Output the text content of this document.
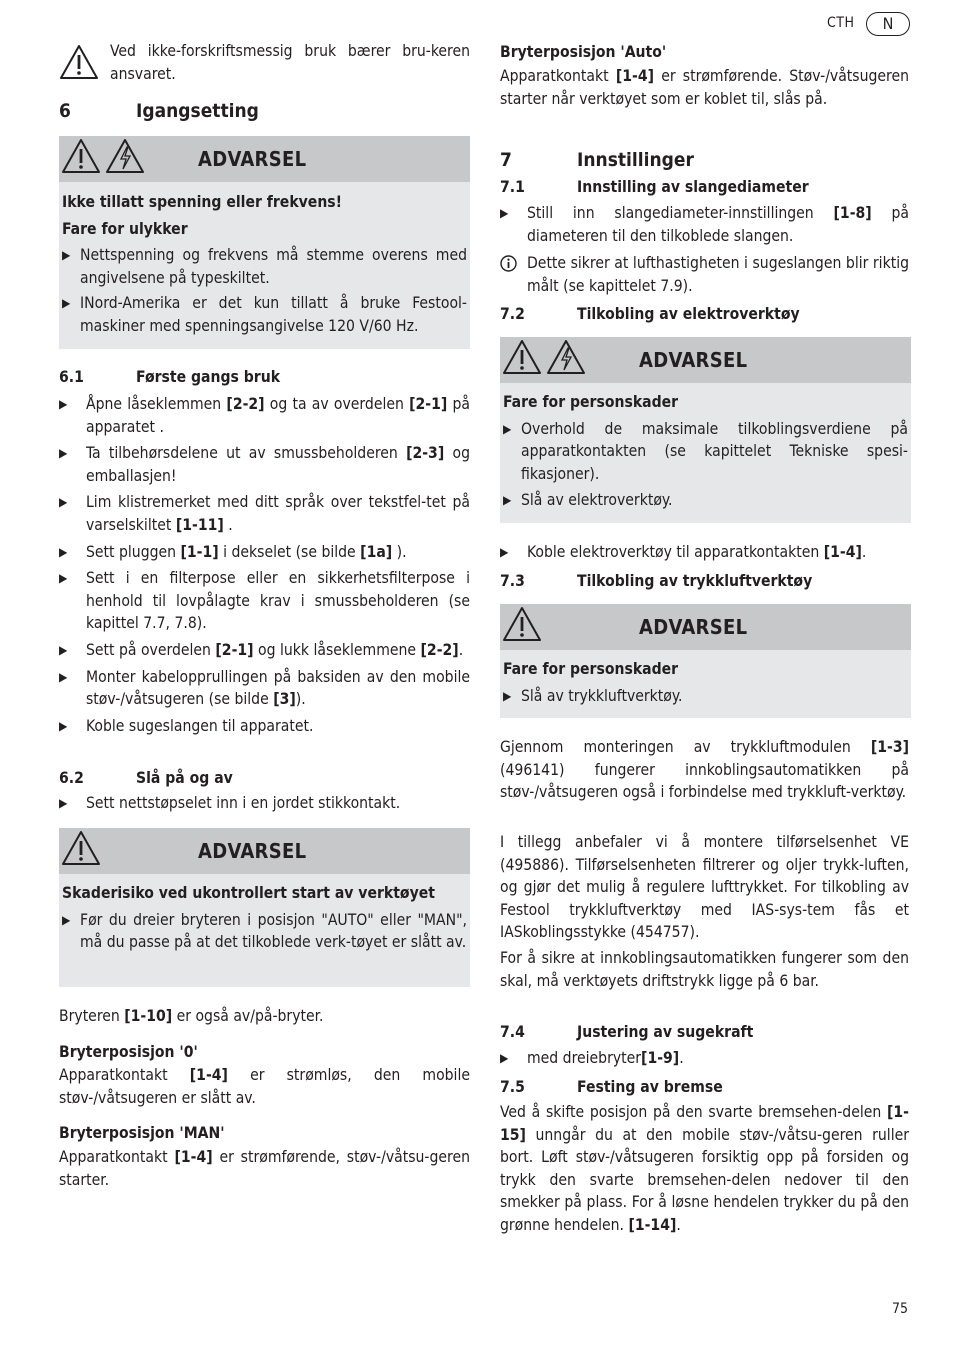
CTH	N

Ved ikke-forskriftsmessig bruk bærer bru-keren ansvaret.

6	Igangsetting
ADVARSEL
Ikke tillatt spenning eller frekvens!
Fare for ulykker
▶ Nettspenning og frekvens må stemme overens med angivelsene på typeskiltet.
▶ INord-Amerika er det kun tillatt å bruke Festool-maskiner med spenningsangivelse 120 V/60 Hz.
6.1	Første gangs bruk
▶	Åpne låseklemmen [2-2] og ta av overdelen [2-1] på apparatet .
▶	Ta tilbehørsdelene ut av smussbeholderen [2-3] og emballasjen!
▶	Lim klistremerket med ditt språk over tekstfel-tet på varselskiltet [1-11] .
▶	Sett pluggen [1-1] i dekselet (se bilde [1a] ).
▶	Sett i en filterpose eller en sikkerhetsfilterpose i henhold til lovpålagte krav i smussbeholderen (se kapittel 7.7, 7.8).
▶	Sett på overdelen [2-1] og lukk låseklemmene [2-2].
▶	Monter kabelopprullingen på baksiden av den mobile støv-/våtsugeren (se bilde [3]).
▶	Koble sugeslangen til apparatet.
6.2	Slå på og av
▶	Sett nettstøpselet inn i en jordet stikkontakt.
ADVARSEL
Skaderisiko ved ukontrollert start av verktøyet
▶ Før du dreier bryteren i posisjon "AUTO" eller "MAN", må du passe på at det tilkoblede verk-tøyet er slått av.

Bryteren [1-10] er også av/på-bryter.

Bryterposisjon '0'

Apparatkontakt [1-4] er strømløs, den mobile støv-/våtsugeren er slått av.

Bryterposisjon 'MAN'

Apparatkontakt [1-4] er strømførende, støv-/våtsu-geren starter.

Bryterposisjon 'Auto'

Apparatkontakt [1-4] er strømførende. Støv-/våtsugeren starter når verktøyet som er koblet til, slås på.

7	Innstillinger
7.1	Innstilling av slangediameter
▶	Still inn slangediameter-innstillingen [1-8] på diameteren til den tilkoblede slangen.
Dette sikrer at lufthastigheten i sugeslangen blir riktig målt (se kapittelet 7.9).
7.2	Tilkobling av elektroverktøy
ADVARSEL
Fare for personskader
▶ Overhold de maksimale tilkoblingsverdiene på apparatkontakten (se kapittelet Tekniske spesi-fikasjoner).
▶ Slå av elektroverktøy.
▶	Koble elektroverktøy til apparatkontakten [1-4].
7.3	Tilkobling av trykkluftverktøy
ADVARSEL
Fare for personskader
▶ Slå av trykkluftverktøy.

Gjennom monteringen av trykkluftmodulen [1-3] (496141) fungerer innkoblingsautomatikken på støv-/våtsugeren også i forbindelse med trykkluft-verktøy.

I tillegg anbefaler vi å montere tilførselsenhet VE (495886). Tilførselsenheten filtrerer og oljer trykk-luften, og gjør det mulig å regulere lufttrykket. For tilkobling av Festool trykkluftverktøy med IAS-sys-tem fås et IASkoblingsstykke (454757).

For å sikre at innkoblingsautomatikken fungerer som den skal, må verktøyets driftstrykk ligge på 6 bar.

7.4	Justering av sugekraft
▶	med dreiebryter[1-9].
7.5	Festing av bremse

Ved å skifte posisjon på den svarte bremsehen-delen [1-15] unngår du at den mobile støv-/våtsu-geren ruller bort. Løft støv-/våtsugeren forsiktig opp på forsiden og trykk den svarte bremsehen-delen nedover til den smekker på plass. For å løsne hendelen trykker du på den grønne hendelen. [1-14].

75
